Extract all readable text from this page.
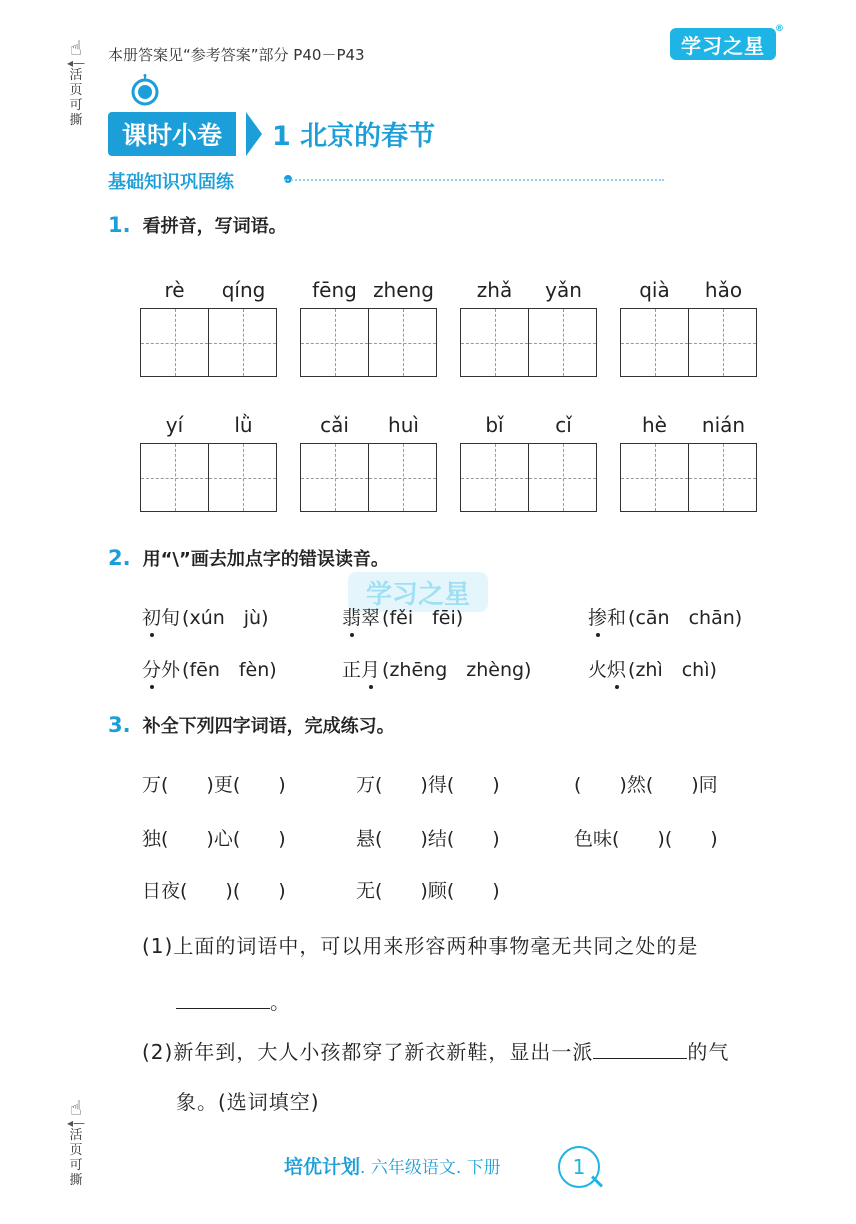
☝
◂—
活页可撕
☝
◂—
活页可撕
本册答案见“参考答案”部分 P40－P43	学习之星
®
课时小卷	1 北京的春节
基础知识巩固练
1. 看拼音，写词语。
rè	qíng	fēng zheng	zhǎ	yǎn	qià	hǎo
yí	lǜ	cǎi	huì	bǐ	cǐ	hè	nián
2. 用“\”画去加点字的错误读音。
学习之星
初旬 (xún　jù)	翡翠 (fěi　fēi)	掺和 (cān　chān)
分外 (fēn　fèn)	正月 (zhēng　zhèng)	火炽 (zhì　chì)
3. 补全下列四字词语，完成练习。
万(　　)更(　　)	万(　　)得(　　)	(　　)然(　　)同
独(　　)心(　　)	悬(　　)结(　　)	色味(　　)(　　)
日夜(　　)(　　)	无(　　)顾(　　)
(1)上面的词语中，可以用来形容两种事物毫无共同之处的是
。
(2)新年到，大人小孩都穿了新衣新鞋，显出一派	的气
象。(选词填空)
培优计划. 六年级语文. 下册	1
